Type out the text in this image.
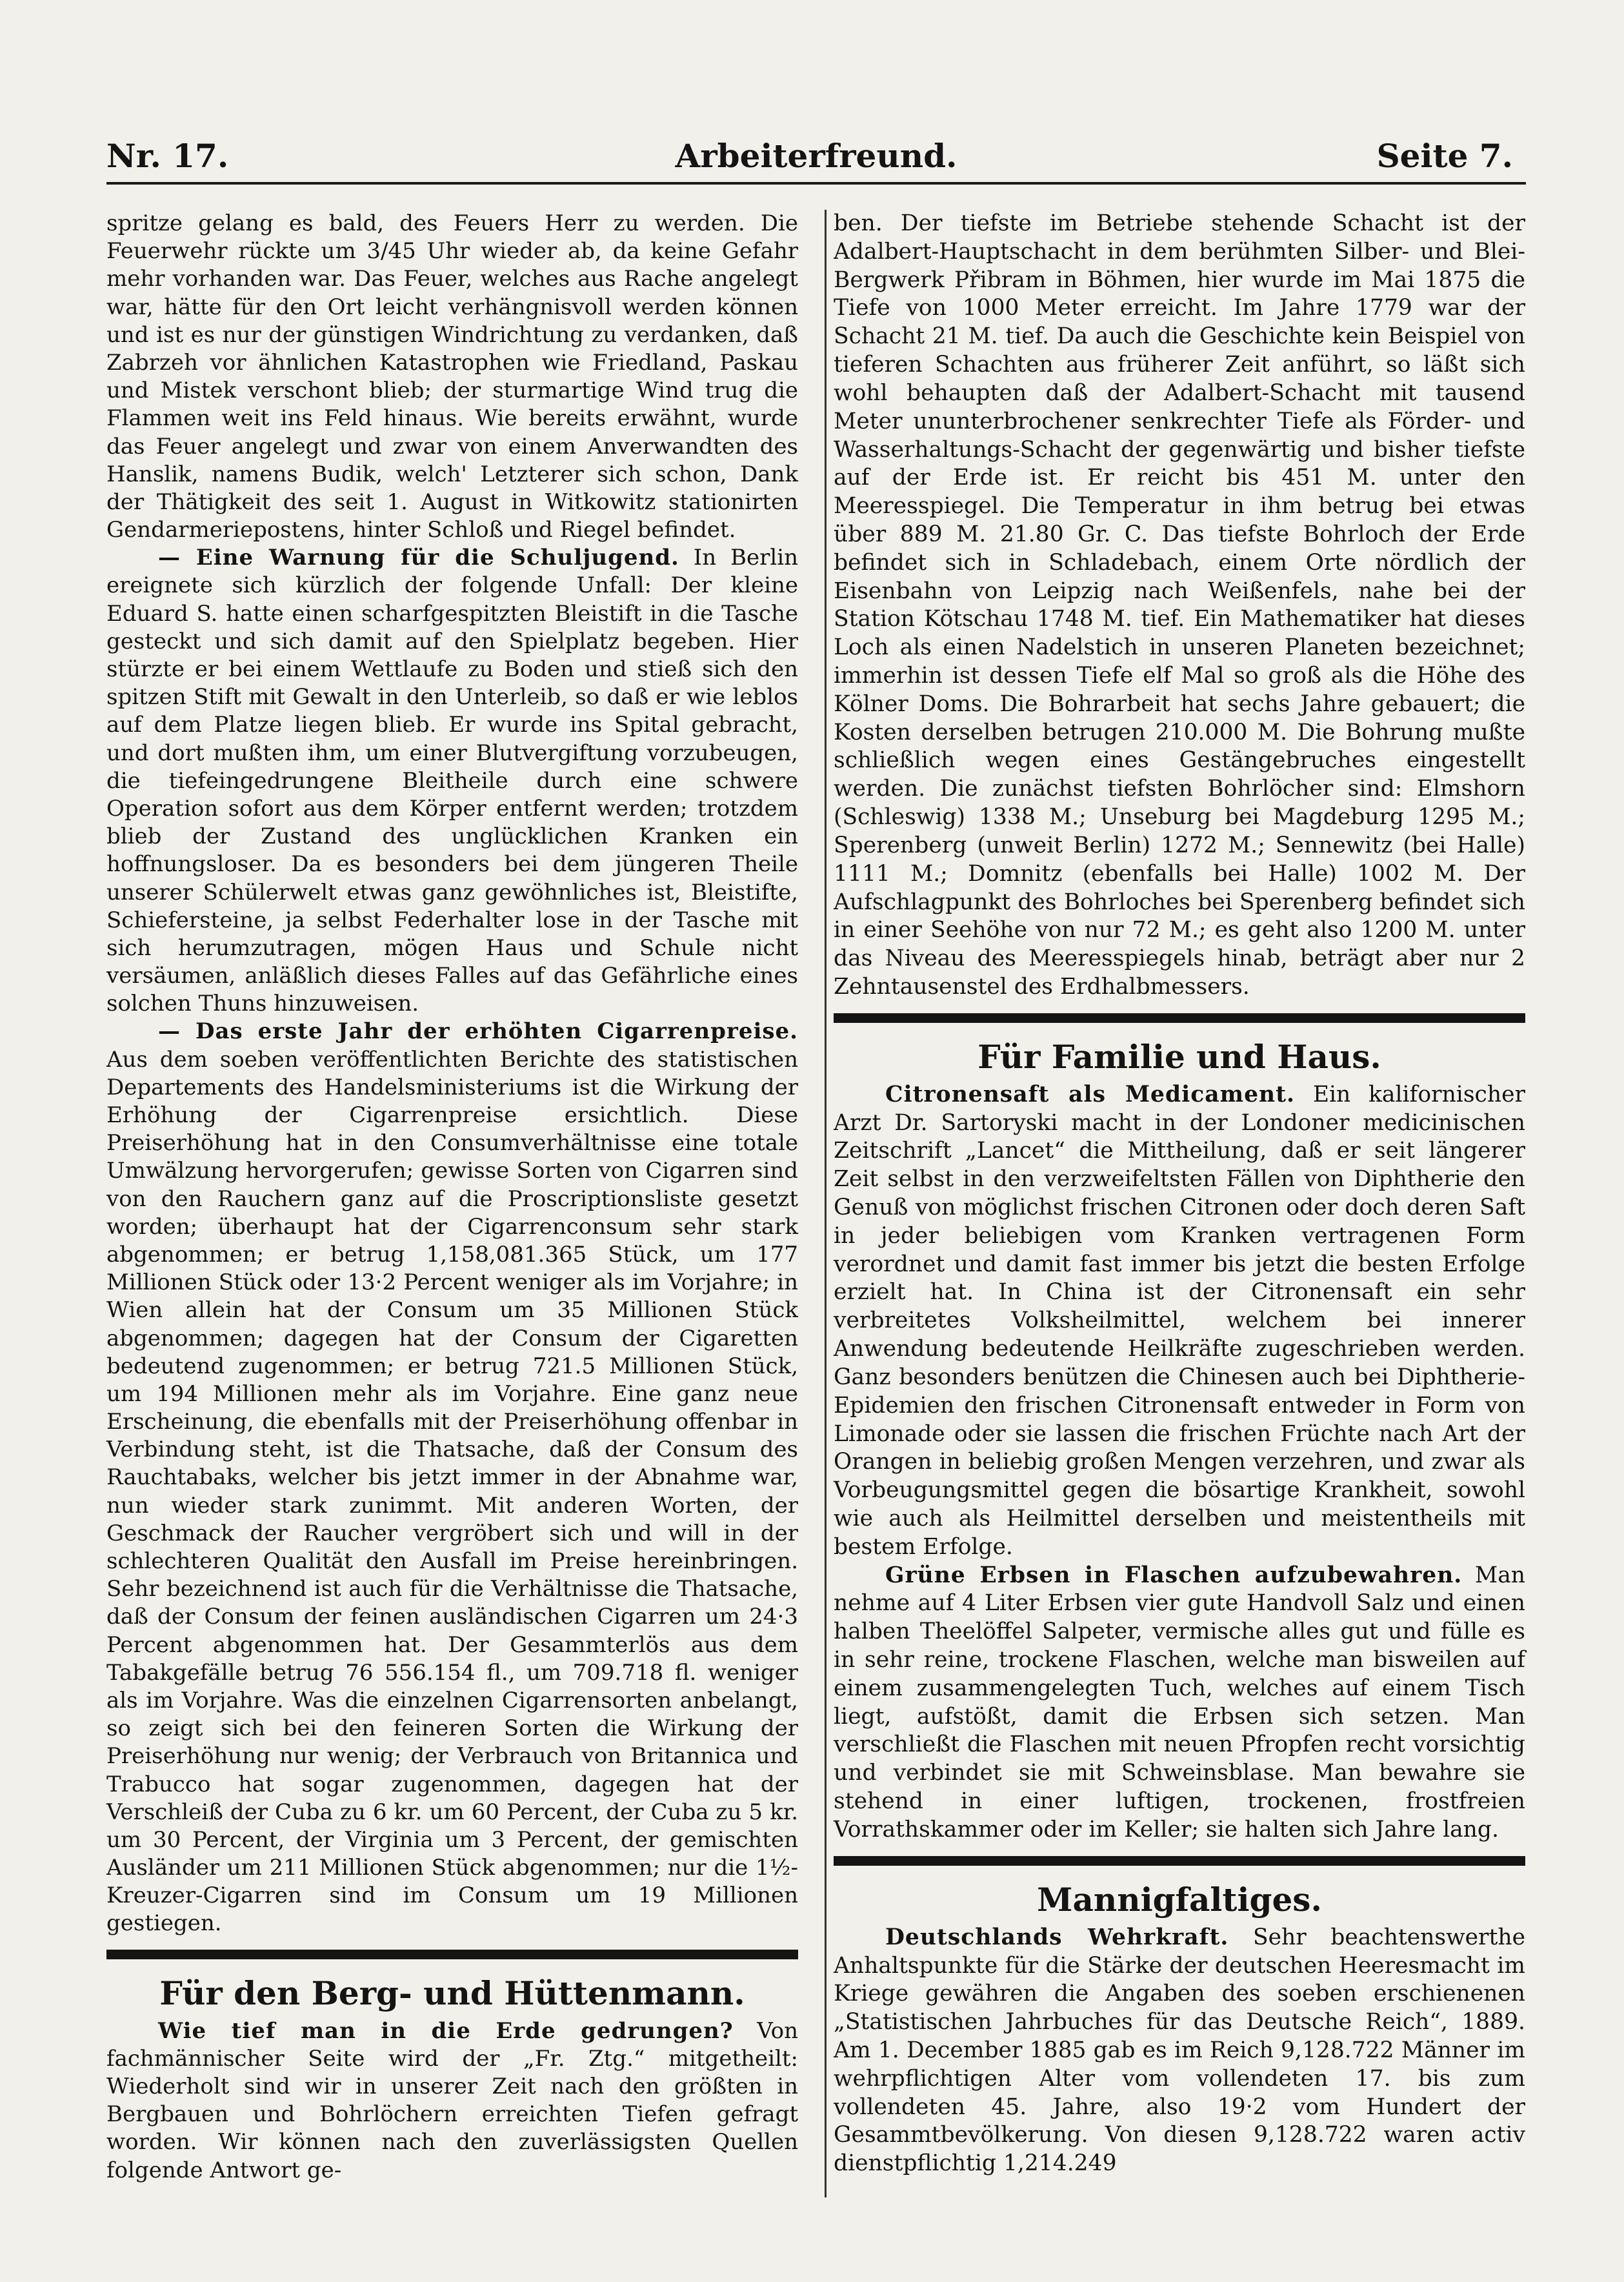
Nr. 17.	Arbeiterfreund.	Seite 7.

spritze gelang es bald, des Feuers Herr zu werden. Die Feuerwehr rückte um 3/45 Uhr wieder ab, da keine Gefahr mehr vorhanden war. Das Feuer, welches aus Rache angelegt war, hätte für den Ort leicht verhängnisvoll werden können und ist es nur der günstigen Windrichtung zu verdanken, daß Zabrzeh vor ähnlichen Katastrophen wie Friedland, Paskau und Mistek verschont blieb; der sturmartige Wind trug die Flammen weit ins Feld hinaus. Wie bereits erwähnt, wurde das Feuer angelegt und zwar von einem Anverwandten des Hanslik, namens Budik, welch' Letzterer sich schon, Dank der Thätigkeit des seit 1. August in Witkowitz stationirten Gendarmeriepostens, hinter Schloß und Riegel befindet.

— Eine Warnung für die Schuljugend. In Berlin ereignete sich kürzlich der folgende Unfall: Der kleine Eduard S. hatte einen scharfgespitzten Bleistift in die Tasche gesteckt und sich damit auf den Spielplatz begeben. Hier stürzte er bei einem Wettlaufe zu Boden und stieß sich den spitzen Stift mit Gewalt in den Unterleib, so daß er wie leblos auf dem Platze liegen blieb. Er wurde ins Spital gebracht, und dort mußten ihm, um einer Blutvergiftung vorzubeugen, die tiefeingedrungene Bleitheile durch eine schwere Operation sofort aus dem Körper entfernt werden; trotzdem blieb der Zustand des unglücklichen Kranken ein hoffnungsloser. Da es besonders bei dem jüngeren Theile unserer Schülerwelt etwas ganz gewöhnliches ist, Bleistifte, Schiefersteine, ja selbst Federhalter lose in der Tasche mit sich herumzutragen, mögen Haus und Schule nicht versäumen, anläßlich dieses Falles auf das Gefährliche eines solchen Thuns hinzuweisen.

— Das erste Jahr der erhöhten Cigarrenpreise. Aus dem soeben veröffentlichten Berichte des statistischen Departements des Handelsministeriums ist die Wirkung der Erhöhung der Cigarrenpreise ersichtlich. Diese Preiserhöhung hat in den Consumverhältnisse eine totale Umwälzung hervorgerufen; gewisse Sorten von Cigarren sind von den Rauchern ganz auf die Proscriptionsliste gesetzt worden; überhaupt hat der Cigarrenconsum sehr stark abgenommen; er betrug 1,158,081.365 Stück, um 177 Millionen Stück oder 13·2 Percent weniger als im Vorjahre; in Wien allein hat der Consum um 35 Millionen Stück abgenommen; dagegen hat der Consum der Cigaretten bedeutend zugenommen; er betrug 721.5 Millionen Stück, um 194 Millionen mehr als im Vorjahre. Eine ganz neue Erscheinung, die ebenfalls mit der Preiserhöhung offenbar in Verbindung steht, ist die Thatsache, daß der Consum des Rauchtabaks, welcher bis jetzt immer in der Abnahme war, nun wieder stark zunimmt. Mit anderen Worten, der Geschmack der Raucher vergröbert sich und will in der schlechteren Qualität den Ausfall im Preise hereinbringen. Sehr bezeichnend ist auch für die Verhältnisse die Thatsache, daß der Consum der feinen ausländischen Cigarren um 24·3 Percent abgenommen hat. Der Gesammterlös aus dem Tabakgefälle betrug 76 556.154 fl., um 709.718 fl. weniger als im Vorjahre. Was die einzelnen Cigarrensorten anbelangt, so zeigt sich bei den feineren Sorten die Wirkung der Preiserhöhung nur wenig; der Verbrauch von Britannica und Trabucco hat sogar zugenommen, dagegen hat der Verschleiß der Cuba zu 6 kr. um 60 Percent, der Cuba zu 5 kr. um 30 Percent, der Virginia um 3 Percent, der gemischten Ausländer um 211 Millionen Stück abgenommen; nur die 1½-Kreuzer-Cigarren sind im Consum um 19 Millionen gestiegen.

Für den Berg- und Hüttenmann.

Wie tief man in die Erde gedrungen? Von fachmännischer Seite wird der „Fr. Ztg.“ mitgetheilt: Wiederholt sind wir in unserer Zeit nach den größten in Bergbauen und Bohrlöchern erreichten Tiefen gefragt worden. Wir können nach den zuverlässigsten Quellen folgende Antwort ge-

ben. Der tiefste im Betriebe stehende Schacht ist der Adalbert-Hauptschacht in dem berühmten Silber- und Blei-Bergwerk Přibram in Böhmen, hier wurde im Mai 1875 die Tiefe von 1000 Meter erreicht. Im Jahre 1779 war der Schacht 21 M. tief. Da auch die Geschichte kein Beispiel von tieferen Schachten aus früherer Zeit anführt, so läßt sich wohl behaupten daß der Adalbert-Schacht mit tausend Meter ununterbrochener senkrechter Tiefe als Förder- und Wasserhaltungs-Schacht der gegenwärtig und bisher tiefste auf der Erde ist. Er reicht bis 451 M. unter den Meeresspiegel. Die Temperatur in ihm betrug bei etwas über 889 M. 21.80 Gr. C. Das tiefste Bohrloch der Erde befindet sich in Schladebach, einem Orte nördlich der Eisenbahn von Leipzig nach Weißenfels, nahe bei der Station Kötschau 1748 M. tief. Ein Mathematiker hat dieses Loch als einen Nadelstich in unseren Planeten bezeichnet; immerhin ist dessen Tiefe elf Mal so groß als die Höhe des Kölner Doms. Die Bohrarbeit hat sechs Jahre gebauert; die Kosten derselben betrugen 210.000 M. Die Bohrung mußte schließlich wegen eines Gestängebruches eingestellt werden. Die zunächst tiefsten Bohrlöcher sind: Elmshorn (Schleswig) 1338 M.; Unseburg bei Magdeburg 1295 M.; Sperenberg (unweit Berlin) 1272 M.; Sennewitz (bei Halle) 1111 M.; Domnitz (ebenfalls bei Halle) 1002 M. Der Aufschlagpunkt des Bohrloches bei Sperenberg befindet sich in einer Seehöhe von nur 72 M.; es geht also 1200 M. unter das Niveau des Meeresspiegels hinab, beträgt aber nur 2 Zehntausenstel des Erdhalbmessers.

Für Familie und Haus.

Citronensaft als Medicament. Ein kalifornischer Arzt Dr. Sartoryski macht in der Londoner medicinischen Zeitschrift „Lancet“ die Mittheilung, daß er seit längerer Zeit selbst in den verzweifeltsten Fällen von Diphtherie den Genuß von möglichst frischen Citronen oder doch deren Saft in jeder beliebigen vom Kranken vertragenen Form verordnet und damit fast immer bis jetzt die besten Erfolge erzielt hat. In China ist der Citronensaft ein sehr verbreitetes Volksheilmittel, welchem bei innerer Anwendung bedeutende Heilkräfte zugeschrieben werden. Ganz besonders benützen die Chinesen auch bei Diphtherie-Epidemien den frischen Citronensaft entweder in Form von Limonade oder sie lassen die frischen Früchte nach Art der Orangen in beliebig großen Mengen verzehren, und zwar als Vorbeugungsmittel gegen die bösartige Krankheit, sowohl wie auch als Heilmittel derselben und meistentheils mit bestem Erfolge.

Grüne Erbsen in Flaschen aufzubewahren. Man nehme auf 4 Liter Erbsen vier gute Handvoll Salz und einen halben Theelöffel Salpeter, vermische alles gut und fülle es in sehr reine, trockene Flaschen, welche man bisweilen auf einem zusammengelegten Tuch, welches auf einem Tisch liegt, aufstößt, damit die Erbsen sich setzen. Man verschließt die Flaschen mit neuen Pfropfen recht vorsichtig und verbindet sie mit Schweinsblase. Man bewahre sie stehend in einer luftigen, trockenen, frostfreien Vorrathskammer oder im Keller; sie halten sich Jahre lang.

Mannigfaltiges.

Deutschlands Wehrkraft. Sehr beachtenswerthe Anhaltspunkte für die Stärke der deutschen Heeresmacht im Kriege gewähren die Angaben des soeben erschienenen „Statistischen Jahrbuches für das Deutsche Reich“, 1889. Am 1. December 1885 gab es im Reich 9,128.722 Männer im wehrpflichtigen Alter vom vollendeten 17. bis zum vollendeten 45. Jahre, also 19·2 vom Hundert der Gesammtbevölkerung. Von diesen 9,128.722 waren activ dienstpflichtig 1,214.249
